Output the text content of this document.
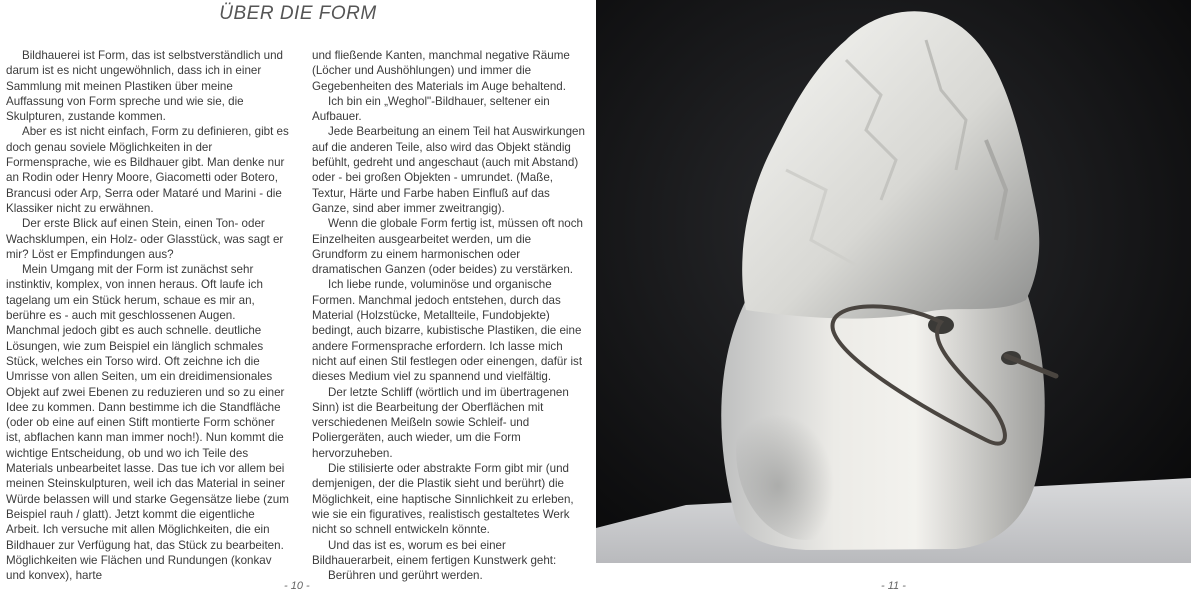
ÜBER DIE FORM

Bildhauerei ist Form, das ist selbstverständlich und darum ist es nicht ungewöhnlich, dass ich in einer Sammlung mit meinen Plastiken über meine Auffassung von Form spreche und wie sie, die Skulpturen, zustande kommen.

Aber es ist nicht einfach, Form zu definieren, gibt es doch genau soviele Möglichkeiten in der Formensprache, wie es Bildhauer gibt. Man denke nur an Rodin oder Henry Moore, Giacometti oder Botero, Brancusi oder Arp, Serra oder Mataré und Marini - die Klassiker nicht zu erwähnen.

Der erste Blick auf einen Stein, einen Ton- oder Wachsklumpen, ein Holz- oder Glasstück, was sagt er mir? Löst er Empfindungen aus?

Mein Umgang mit der Form ist zunächst sehr instinktiv, komplex, von innen heraus. Oft laufe ich tagelang um ein Stück herum, schaue es mir an, berühre es - auch mit geschlossenen Augen. Manchmal jedoch gibt es auch schnelle. deutliche Lösungen, wie zum Beispiel ein länglich schmales Stück, welches ein Torso wird. Oft zeichne ich die Umrisse von allen Seiten, um ein dreidimensionales Objekt auf zwei Ebenen zu reduzieren und so zu einer Idee zu kommen. Dann bestimme ich die Standfläche (oder ob eine auf einen Stift montierte Form schöner ist, abflachen kann man immer noch!). Nun kommt die wichtige Entscheidung, ob und wo ich Teile des Materials unbearbeitet lasse. Das tue ich vor allem bei meinen Steinskulpturen, weil ich das Material in seiner Würde belassen will und starke Gegensätze liebe (zum Beispiel rauh / glatt). Jetzt kommt die eigentliche Arbeit. Ich versuche mit allen Möglichkeiten, die ein Bildhauer zur Verfügung hat, das Stück zu bearbeiten. Möglichkeiten wie Flächen und Rundungen (konkav und konvex), harte

und fließende Kanten, manchmal negative Räume (Löcher und Aushöhlungen) und immer die Gegebenheiten des Materials im Auge behaltend.

Ich bin ein „Weghol"-Bildhauer, seltener ein Aufbauer.

Jede Bearbeitung an einem Teil hat Auswirkungen auf die anderen Teile, also wird das Objekt ständig befühlt, gedreht und angeschaut (auch mit Abstand) oder - bei großen Objekten - umrundet. (Maße, Textur, Härte und Farbe haben Einfluß auf das Ganze, sind aber immer zweitrangig).

Wenn die globale Form fertig ist, müssen oft noch Einzelheiten ausgearbeitet werden, um die Grundform zu einem harmonischen oder dramatischen Ganzen (oder beides) zu verstärken.

Ich liebe runde, voluminöse und organische Formen. Manchmal jedoch entstehen, durch das Material (Holzstücke, Metallteile, Fundobjekte) bedingt, auch bizarre, kubistische Plastiken, die eine andere Formensprache erfordern. Ich lasse mich nicht auf einen Stil festlegen oder einengen, dafür ist dieses Medium viel zu spannend und vielfältig.

Der letzte Schliff (wörtlich und im übertragenen Sinn) ist die Bearbeitung der Oberflächen mit verschiedenen Meißeln sowie Schleif- und Poliergeräten, auch wieder, um die Form hervorzuheben.

Die stilisierte oder abstrakte Form gibt mir (und demjenigen, der die Plastik sieht und berührt) die Möglichkeit, eine haptische Sinnlichkeit zu erleben, wie sie ein figuratives, realistisch gestaltetes Werk nicht so schnell entwickeln könnte.

Und das ist es, worum es bei einer Bildhauerarbeit, einem fertigen Kunstwerk geht:

Berühren und gerührt werden.

- 10 -	- 11 -
